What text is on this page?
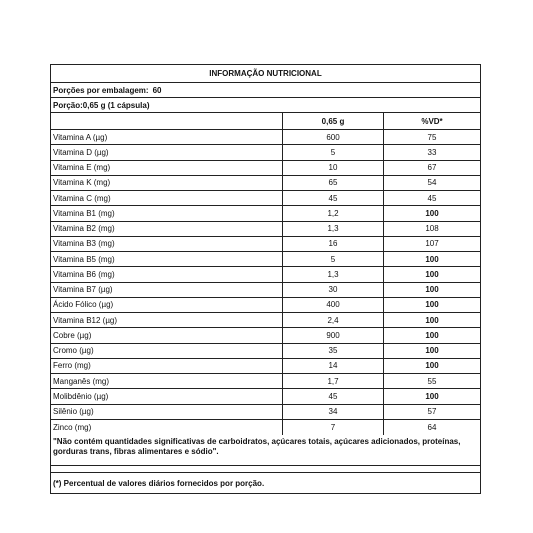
INFORMAÇÃO NUTRICIONAL
Porções por embalagem: 60
Porção:0,65 g (1 cápsula)
0,65 g	%VD*
Vitamina A (µg)	600	75
Vitamina D (µg)	5	33
Vitamina E (mg)	10	67
Vitamina K (mg)	65	54
Vitamina C (mg)	45	45
Vitamina B1 (mg)	1,2	100
Vitamina B2 (mg)	1,3	108
Vitamina B3 (mg)	16	107
Vitamina B5 (mg)	5	100
Vitamina B6 (mg)	1,3	100
Vitamina B7 (µg)	30	100
Ácido Fólico (µg)	400	100
Vitamina B12 (µg)	2,4	100
Cobre (µg)	900	100
Cromo (µg)	35	100
Ferro (mg)	14	100
Manganês (mg)	1,7	55
Molibdênio (µg)	45	100
Silênio (µg)	34	57
Zinco (mg)	7	64
"Não contém quantidades significativas de carboidratos, açúcares totais, açúcares adicionados, proteínas, gorduras trans, fibras alimentares e sódio".
(*) Percentual de valores diários fornecidos por porção.
